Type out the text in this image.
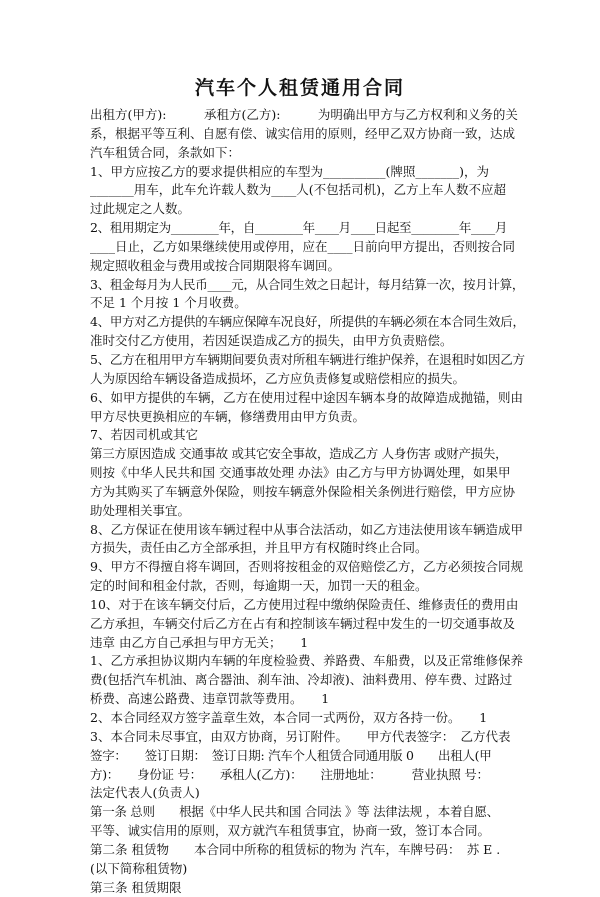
汽车个人租赁通用合同
出租方(甲方):　　　承租方(乙方):　　　为明确出甲方与乙方权利和义务的关
系，根据平等互利、自愿有偿、诚实信用的原则，经甲乙双方协商一致，达成
汽车租赁合同，条款如下：
1、甲方应按乙方的要求提供相应的车型为__________(牌照_______)，为
_______用车，此车允许载人数为____人(不包括司机)，乙方上车人数不应超
过此规定之人数。
2、租用期定为________年，自________年____月____日起至________年____月
____日止，乙方如果继续使用或停用，应在____日前向甲方提出，否则按合同
规定照收租金与费用或按合同期限将车调回。
3、租金每月为人民币____元，从合同生效之日起计，每月结算一次，按月计算，
不足 1 个月按 1 个月收费。
4、甲方对乙方提供的车辆应保障车况良好，所提供的车辆必须在本合同生效后，
准时交付乙方使用，若因延误造成乙方的损失，由甲方负责赔偿。
5、乙方在租用甲方车辆期间要负责对所租车辆进行维护保养，在退租时如因乙方
人为原因给车辆设备造成损坏，乙方应负责修复或赔偿相应的损失。
6、如甲方提供的车辆，乙方在使用过程中途因车辆本身的故障造成抛锚，则由
甲方尽快更换相应的车辆，修缮费用由甲方负责。
7、若因司机或其它
第三方原因造成 交通事故 或其它安全事故，造成乙方 人身伤害 或财产损失，
则按《中华人民共和国 交通事故处理 办法》由乙方与甲方协调处理，如果甲
方为其购买了车辆意外保险，则按车辆意外保险相关条例进行赔偿，甲方应协
助处理相关事宜。
8、乙方保证在使用该车辆过程中从事合法活动，如乙方违法使用该车辆造成甲
方损失，责任由乙方全部承担，并且甲方有权随时终止合同。
9、甲方不得擅自将车调回，否则将按租金的双倍赔偿乙方，乙方必须按合同规
定的时间和租金付款，否则，每逾期一天，加罚一天的租金。
10、对于在该车辆交付后，乙方使用过程中缴纳保险责任、维修责任的费用由
乙方承担，车辆交付后乙方在占有和控制该车辆过程中发生的一切交通事故及
违章 由乙方自己承担与甲方无关；　　1
1、乙方承担协议期内车辆的年度检验费、养路费、车船费，以及正常维修保养
费(包括汽车机油、离合器油、刹车油、冷却液)、油料费用、停车费、过路过
桥费、高速公路费、违章罚款等费用。　　1
2、本合同经双方签字盖章生效，本合同一式两份，双方各持一份。　　1
3、本合同未尽事宜，由双方协商，另订附件。　　甲方代表签字：　乙方代表
签字：　　签订日期：　签订日期: 汽车个人租赁合同通用版 0　　出租人(甲
方)：　　身份证 号：　　承租人(乙方)：　　注册地址：　　　营业执照 号：
法定代表人(负责人)
第一条 总则　　根据《中华人民共和国 合同法 》等 法律法规 ，本着自愿、
平等、诚实信用的原则，双方就汽车租赁事宜，协商一致，签订本合同。
第二条 租赁物　　本合同中所称的租赁标的物为 汽车，车牌号码：　苏 E .
(以下简称租赁物)
第三条 租赁期限
